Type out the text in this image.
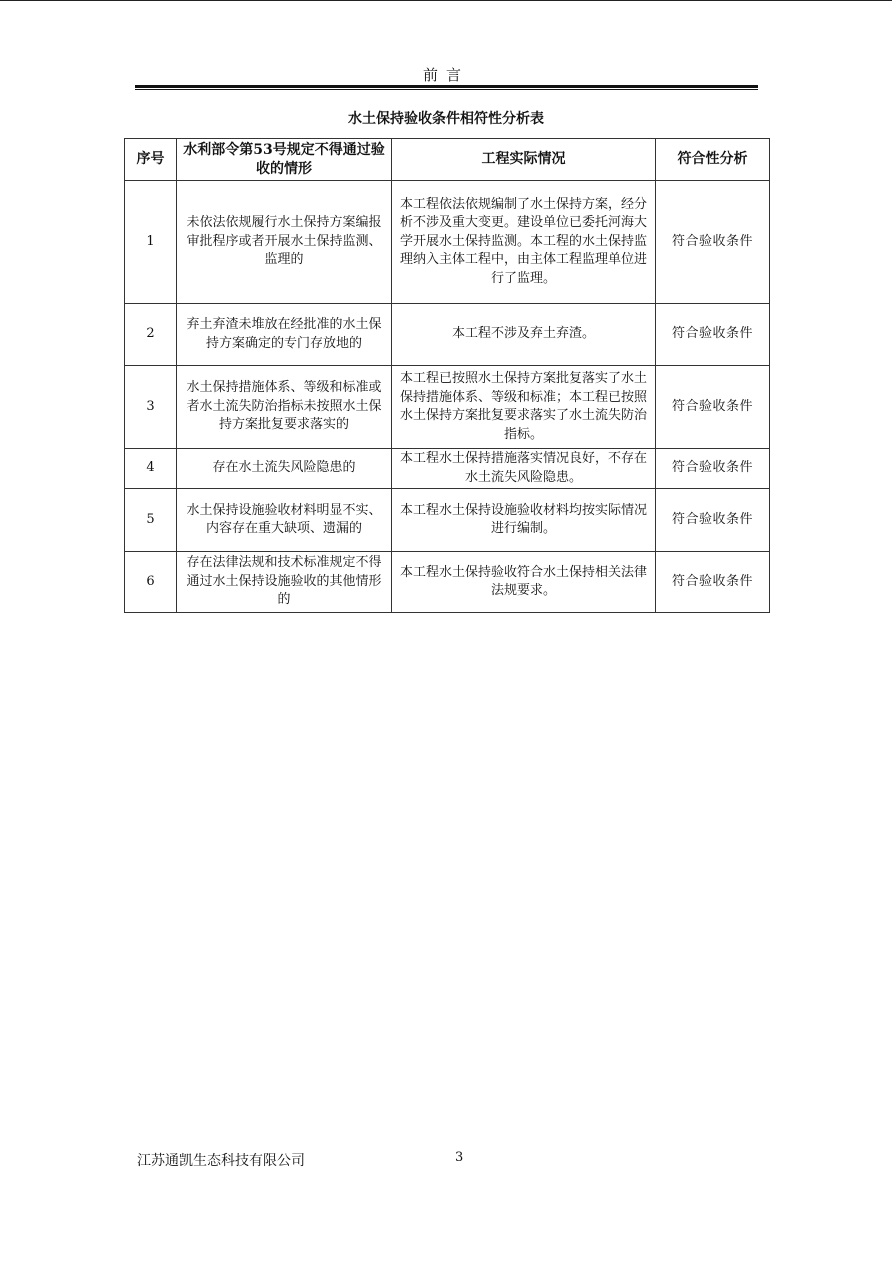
前言
水土保持验收条件相符性分析表
序号	水利部令第53号规定不得通过验收的情形	工程实际情况	符合性分析
1	未依法依规履行水土保持方案编报审批程序或者开展水土保持监测、监理的	本工程依法依规编制了水土保持方案，经分析不涉及重大变更。建设单位已委托河海大学开展水土保持监测。本工程的水土保持监理纳入主体工程中，由主体工程监理单位进行了监理。	符合验收条件
2	弃土弃渣未堆放在经批准的水土保持方案确定的专门存放地的	本工程不涉及弃土弃渣。	符合验收条件
3	水土保持措施体系、等级和标准或者水土流失防治指标未按照水土保持方案批复要求落实的	本工程已按照水土保持方案批复落实了水土保持措施体系、等级和标准；本工程已按照水土保持方案批复要求落实了水土流失防治指标。	符合验收条件
4	存在水土流失风险隐患的	本工程水土保持措施落实情况良好，不存在水土流失风险隐患。	符合验收条件
5	水土保持设施验收材料明显不实、内容存在重大缺项、遗漏的	本工程水土保持设施验收材料均按实际情况进行编制。	符合验收条件
6	存在法律法规和技术标准规定不得通过水土保持设施验收的其他情形的	本工程水土保持验收符合水土保持相关法律法规要求。	符合验收条件
江苏通凯生态科技有限公司	3
